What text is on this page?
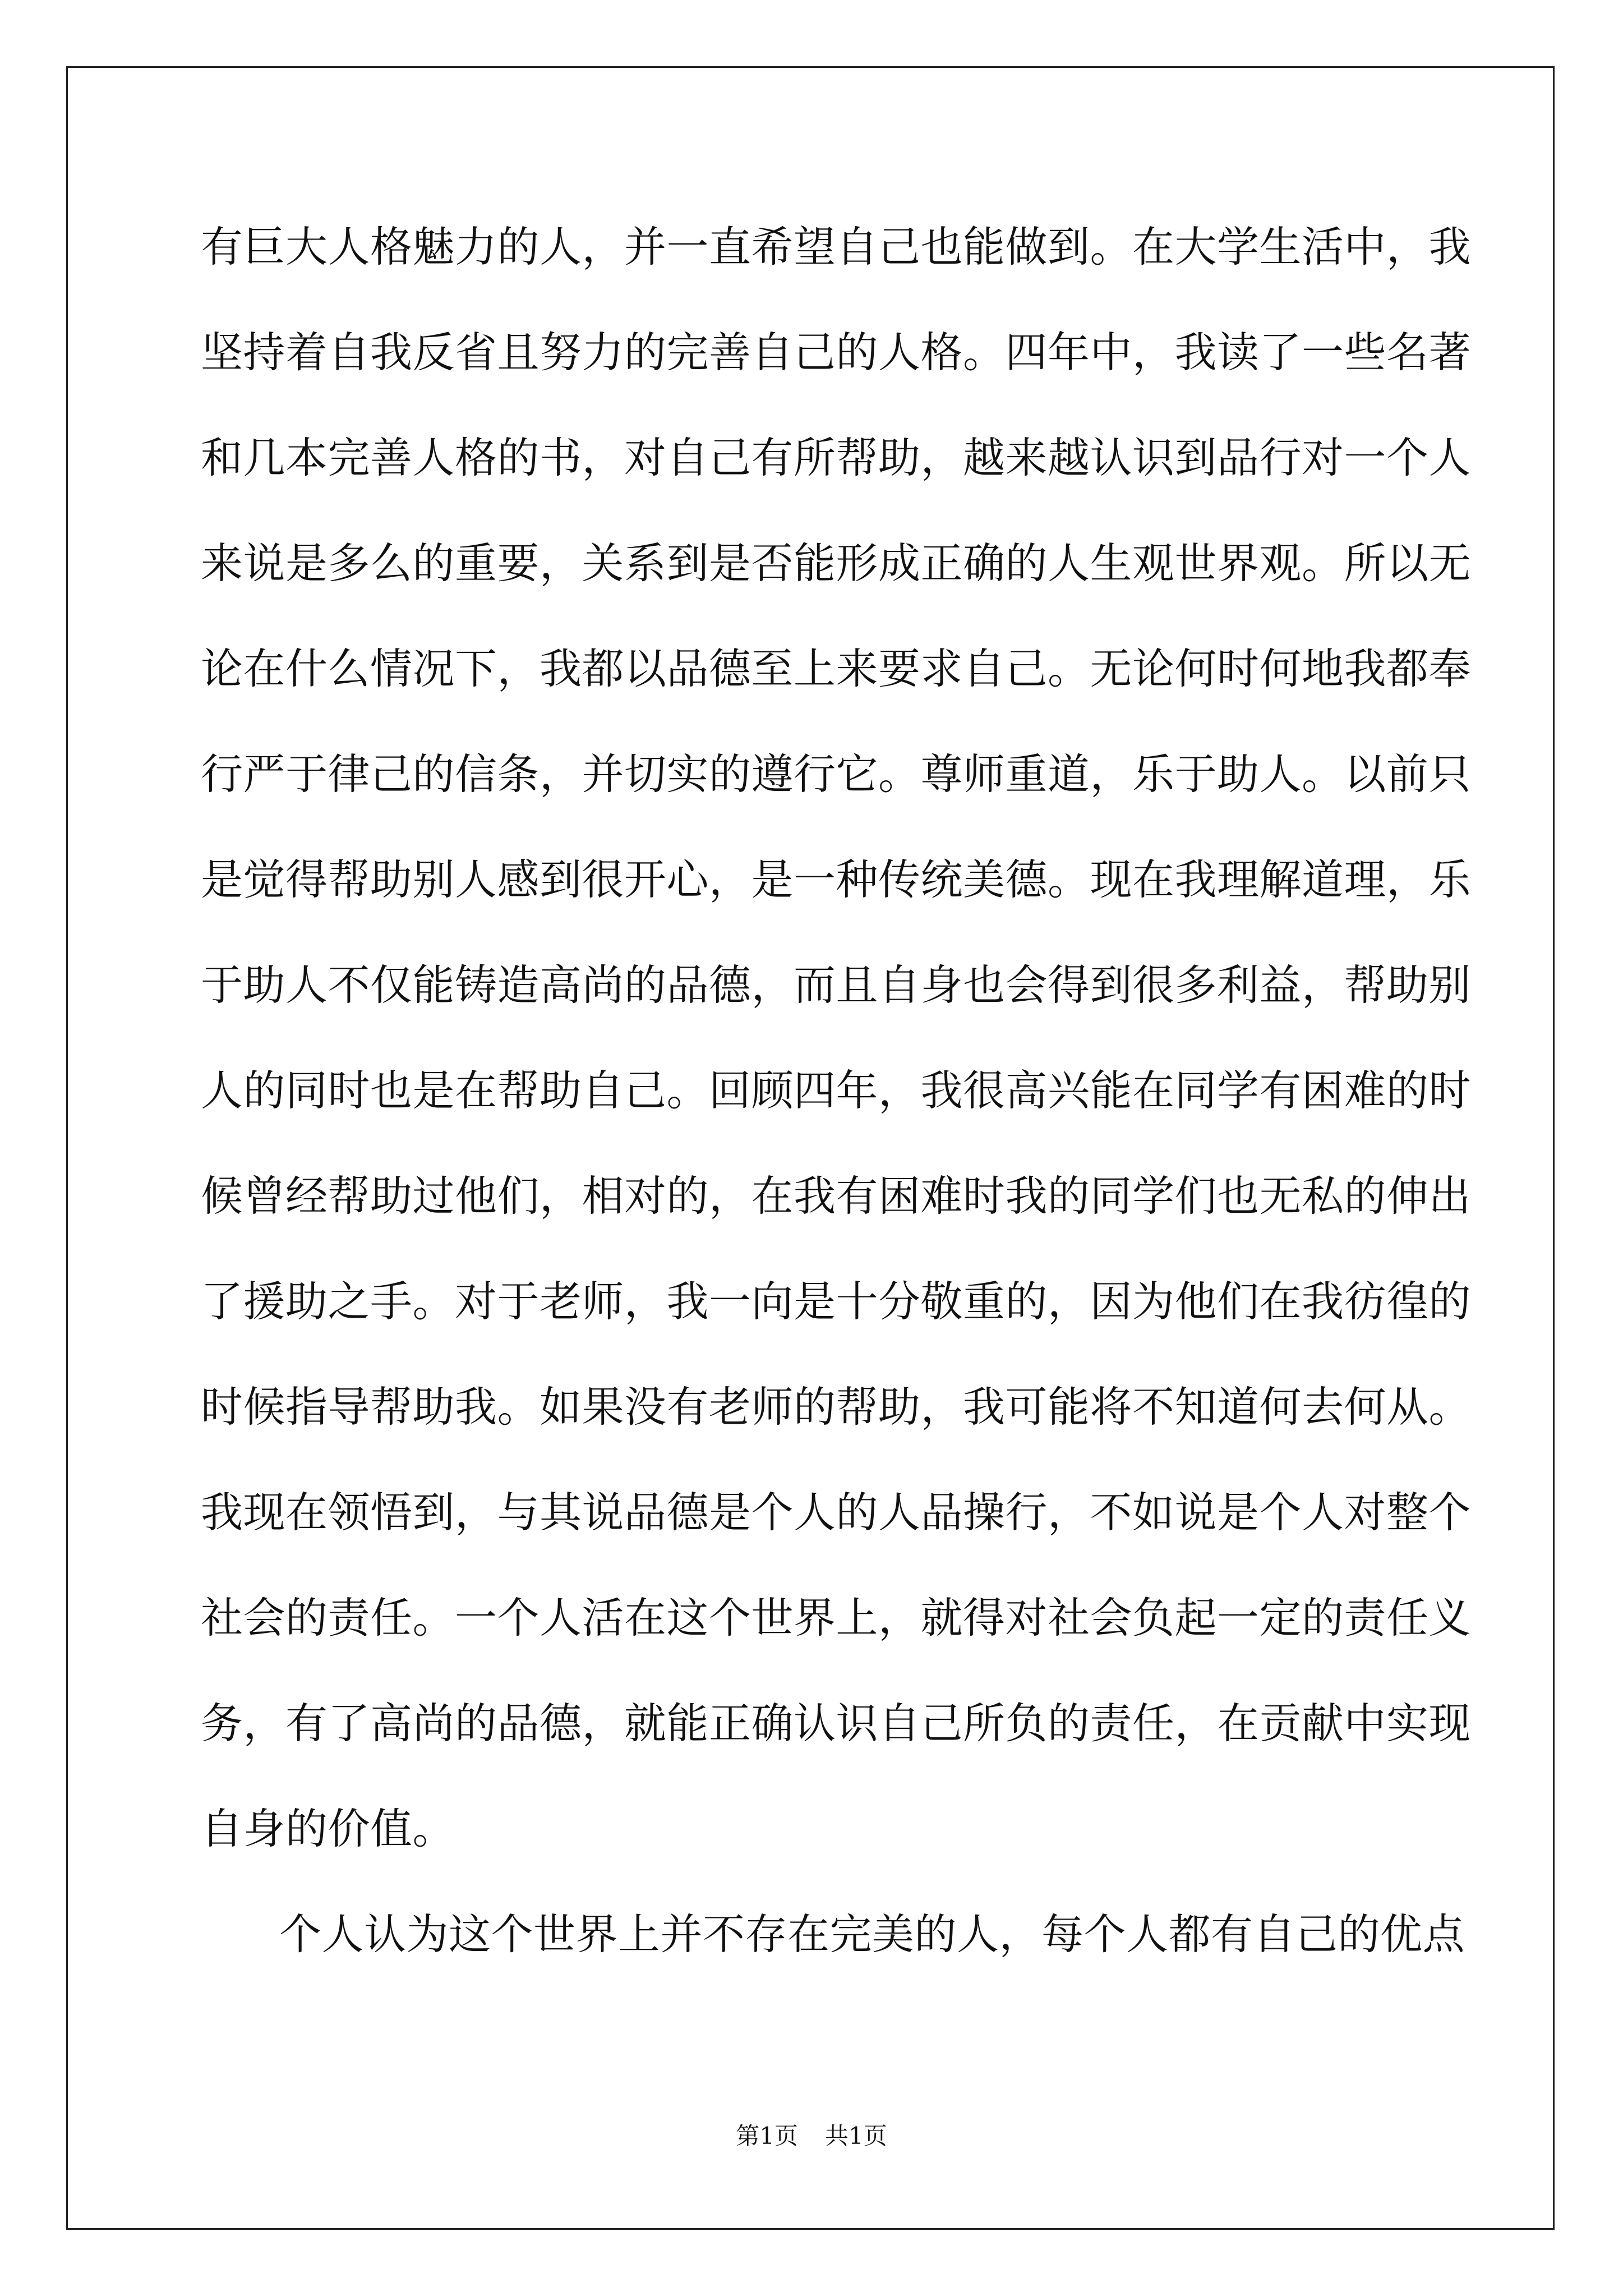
有巨大人格魅力的人，并一直希望自己也能做到。在大学生活中，我
坚持着自我反省且努力的完善自己的人格。四年中，我读了一些名著
和几本完善人格的书，对自己有所帮助，越来越认识到品行对一个人
来说是多么的重要，关系到是否能形成正确的人生观世界观。所以无
论在什么情况下，我都以品德至上来要求自己。无论何时何地我都奉
行严于律己的信条，并切实的遵行它。尊师重道，乐于助人。以前只
是觉得帮助别人感到很开心，是一种传统美德。现在我理解道理，乐
于助人不仅能铸造高尚的品德，而且自身也会得到很多利益，帮助别
人的同时也是在帮助自己。回顾四年，我很高兴能在同学有困难的时
候曾经帮助过他们，相对的，在我有困难时我的同学们也无私的伸出
了援助之手。对于老师，我一向是十分敬重的，因为他们在我彷徨的
时候指导帮助我。如果没有老师的帮助，我可能将不知道何去何从。
我现在领悟到，与其说品德是个人的人品操行，不如说是个人对整个
社会的责任。一个人活在这个世界上，就得对社会负起一定的责任义
务，有了高尚的品德，就能正确认识自己所负的责任，在贡献中实现
自身的价值。
个人认为这个世界上并不存在完美的人，每个人都有自己的优点
第1页 共1页
